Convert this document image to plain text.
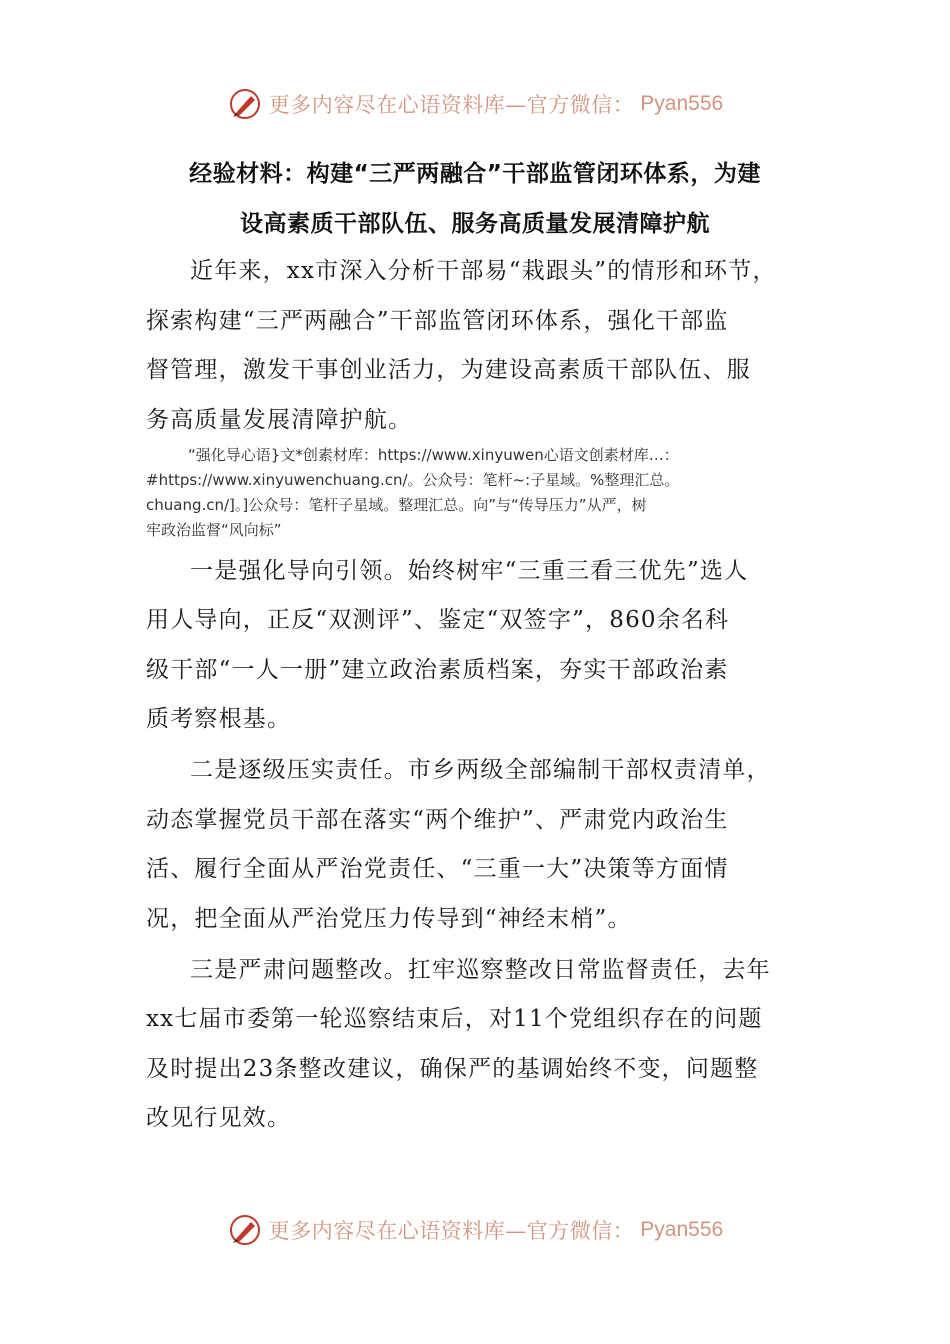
更多内容尽在心语资料库—官方微信： Pyan556
经验材料：构建“三严两融合”干部监管闭环体系，为建
设高素质干部队伍、服务高质量发展清障护航
近年来，xx市深入分析干部易“栽跟头”的情形和环节，
探索构建“三严两融合”干部监管闭环体系，强化干部监
督管理，激发干事创业活力，为建设高素质干部队伍、服
务高质量发展清障护航。
“强化导心语}文*创素材库：https://www.xinyuwen心语文创素材库…：
#https://www.xinyuwenchuang.cn/。公众号：笔杆~:子星域。%整理汇总。
chuang.cn/]。]公众号：笔杆子星域。整理汇总。向”与“传导压力”从严，树
牢政治监督“风向标”
一是强化导向引领。始终树牢“三重三看三优先”选人
用人导向，正反“双测评”、鉴定“双签字”，860余名科
级干部“一人一册”建立政治素质档案，夯实干部政治素
质考察根基。
二是逐级压实责任。市乡两级全部编制干部权责清单，
动态掌握党员干部在落实“两个维护”、严肃党内政治生
活、履行全面从严治党责任、“三重一大”决策等方面情
况，把全面从严治党压力传导到“神经末梢”。
三是严肃问题整改。扛牢巡察整改日常监督责任，去年
xx七届市委第一轮巡察结束后，对11个党组织存在的问题
及时提出23条整改建议，确保严的基调始终不变，问题整
改见行见效。
更多内容尽在心语资料库—官方微信： Pyan556
